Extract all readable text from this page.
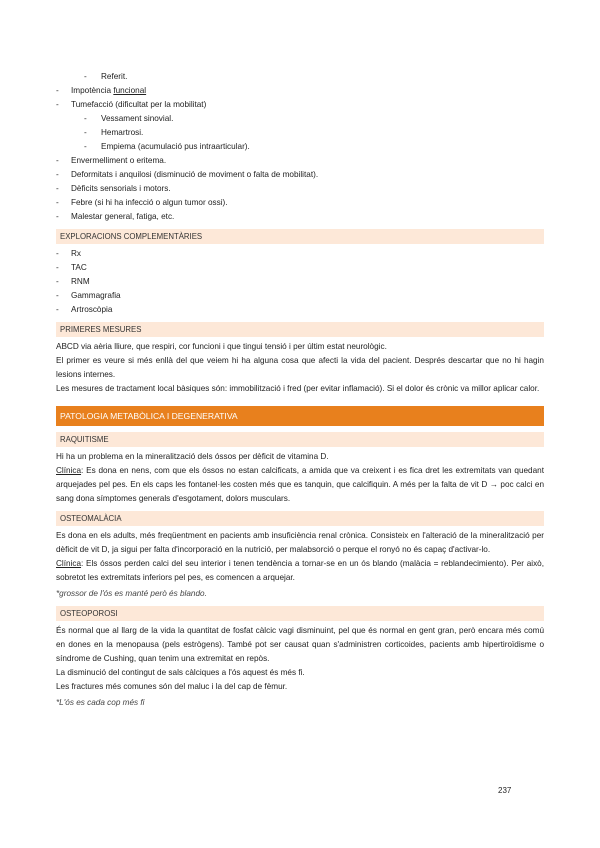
- Referit.
- Impotència funcional
- Tumefacció (dificultat per la mobilitat)
- Vessament sinovial.
- Hemartrosi.
- Empiema (acumulació pus intraarticular).
- Envermelliment o eritema.
- Deformitats i anquilosi (disminució de moviment o falta de mobilitat).
- Dèficits sensorials i motors.
- Febre (si hi ha infecció o algun tumor ossi).
- Malestar general, fatiga, etc.
EXPLORACIONS COMPLEMENTÀRIES
- Rx
- TAC
- RNM
- Gammagrafia
- Artroscòpia
PRIMERES MESURES

ABCD via aèria lliure, que respiri, cor funcioni i que tingui tensió i per últim estat neurològic.

El primer es veure si més enllà del que veiem hi ha alguna cosa que afecti la vida del pacient. Després descartar que no hi hagin lesions internes.

Les mesures de tractament local bàsiques són: immobilització i fred (per evitar inflamació). Si el dolor és crònic va millor aplicar calor.

PATOLOGIA METABÒLICA I DEGENERATIVA
RAQUITISME

Hi ha un problema en la mineralització dels óssos per dèficit de vitamina D.

Clínica: Es dona en nens, com que els óssos no estan calcificats, a amida que va creixent i es fica dret les extremitats van quedant arquejades pel pes. En els caps les fontanel·les costen més que es tanquin, que calcifiquin. A més per la falta de vit D → poc calci en sang dona símptomes generals d'esgotament, dolors musculars.

OSTEOMALÀCIA

Es dona en els adults, més freqüentment en pacients amb insuficiència renal crònica. Consisteix en l'alteració de la mineralització per dèficit de vit D, ja sigui per falta d'incorporació en la nutrició, per malabsorció o perque el ronyó no és capaç d'activar-lo.

Clínica: Els óssos perden calci del seu interior i tenen tendència a tornar-se en un ós blando (malàcia = reblandecimiento). Per això, sobretot les extremitats inferiors pel pes, es comencen a arquejar.

*grossor de l'ós es manté però és blando.
OSTEOPOROSI

És normal que al llarg de la vida la quantitat de fosfat càlcic vagi disminuint, pel que és normal en gent gran, però encara més comú en dones en la menopausa (pels estrògens). També pot ser causat quan s'administren corticoides, pacients amb hipertiroïdisme o síndrome de Cushing, quan tenim una extremitat en repòs.

La disminució del contingut de sals càlciques a l'ós aquest és més fi.

Les fractures més comunes són del maluc i la del cap de fèmur.

*L'ós es cada cop més fi
237
